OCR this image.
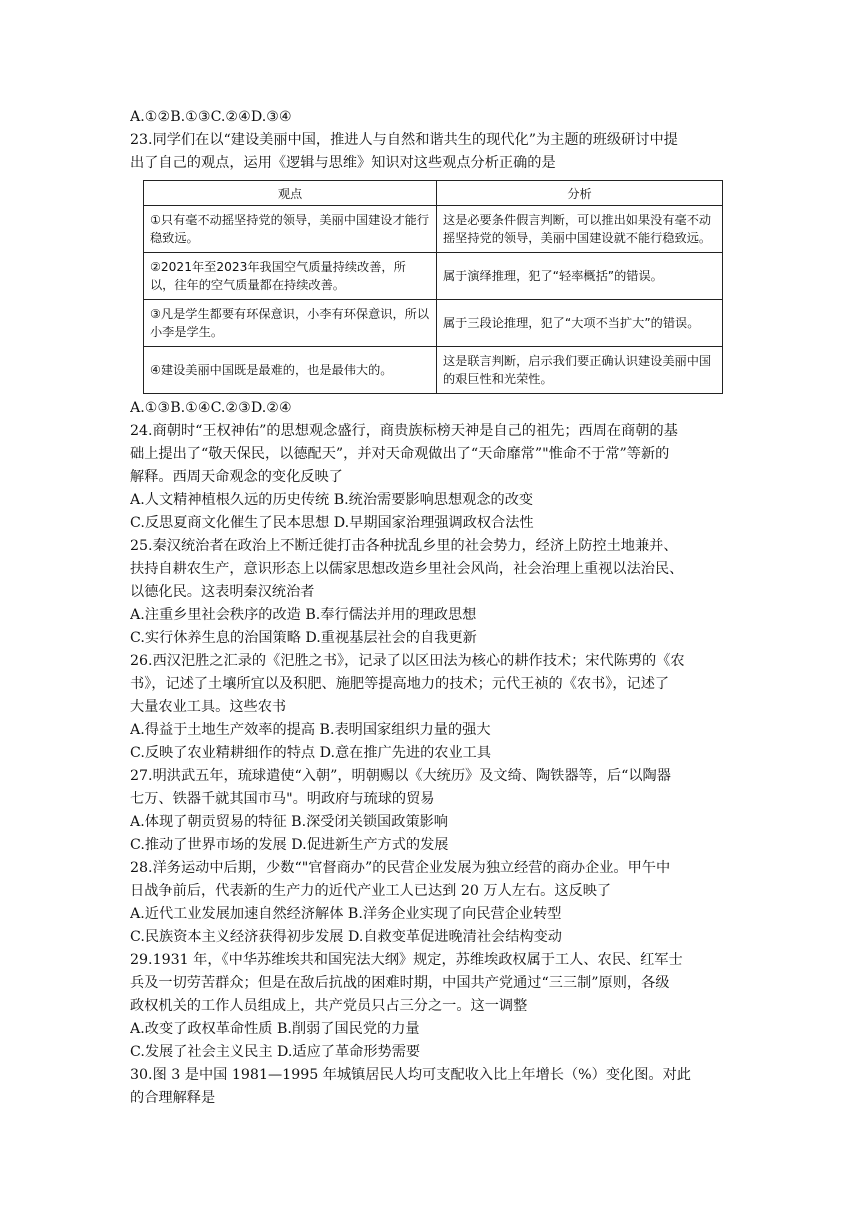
A.①②B.①③C.②④D.③④
23.同学们在以“建设美丽中国，推进人与自然和谐共生的现代化”为主题的班级研讨中提
出了自己的观点，运用《逻辑与思维》知识对这些观点分析正确的是
观点	分析
①只有毫不动摇坚持党的领导，美丽中国建设才能行稳致远。	这是必要条件假言判断，可以推出如果没有毫不动摇坚持党的领导，美丽中国建设就不能行稳致远。
②2021年至2023年我国空气质量持续改善，所以，往年的空气质量都在持续改善。	属于演绎推理，犯了“轻率概括”的错误。
③凡是学生都要有环保意识，小李有环保意识，所以小李是学生。	属于三段论推理，犯了“大项不当扩大”的错误。
④建设美丽中国既是最难的，也是最伟大的。	这是联言判断，启示我们要正确认识建设美丽中国的艰巨性和光荣性。
A.①③B.①④C.②③D.②④
24.商朝时“王权神佑”的思想观念盛行，商贵族标榜天神是自己的祖先；西周在商朝的基
础上提出了“敬天保民，以德配天”，并对天命观做出了“天命靡常”"惟命不于常”等新的
解释。西周天命观念的变化反映了
A.人文精神植根久远的历史传统 B.统治需要影响思想观念的改变
C.反思夏商文化催生了民本思想 D.早期国家治理强调政权合法性
25.秦汉统治者在政治上不断迁徙打击各种扰乱乡里的社会势力，经济上防控土地兼并、
扶持自耕农生产，意识形态上以儒家思想改造乡里社会风尚，社会治理上重视以法治民、
以德化民。这表明秦汉统治者
A.注重乡里社会秩序的改造 B.奉行儒法并用的理政思想
C.实行休养生息的治国策略 D.重视基层社会的自我更新
26.西汉汜胜之汇录的《汜胜之书》，记录了以区田法为核心的耕作技术；宋代陈旉的《农
书》，记述了土壤所宜以及积肥、施肥等提高地力的技术；元代王祯的《农书》，记述了
大量农业工具。这些农书
A.得益于土地生产效率的提高 B.表明国家组织力量的强大
C.反映了农业精耕细作的特点 D.意在推广先进的农业工具
27.明洪武五年，琉球遣使“入朝”，明朝赐以《大统历》及文绮、陶铁器等，后“以陶器
七万、铁器千就其国市马"。明政府与琉球的贸易
A.体现了朝贡贸易的特征 B.深受闭关锁国政策影响
C.推动了世界市场的发展 D.促进新生产方式的发展
28.洋务运动中后期，少数“"官督商办”的民营企业发展为独立经营的商办企业。甲午中
日战争前后，代表新的生产力的近代产业工人已达到 20 万人左右。这反映了
A.近代工业发展加速自然经济解体 B.洋务企业实现了向民营企业转型
C.民族资本主义经济获得初步发展 D.自救变革促进晚清社会结构变动
29.1931 年，《中华苏维埃共和国宪法大纲》规定，苏维埃政权属于工人、农民、红军士
兵及一切劳苦群众；但是在敌后抗战的困难时期，中国共产党通过“三三制”原则，各级
政权机关的工作人员组成上，共产党员只占三分之一。这一调整
A.改变了政权革命性质 B.削弱了国民党的力量
C.发展了社会主义民主 D.适应了革命形势需要
30.图 3 是中国 1981—1995 年城镇居民人均可支配收入比上年增长（%）变化图。对此
的合理解释是
